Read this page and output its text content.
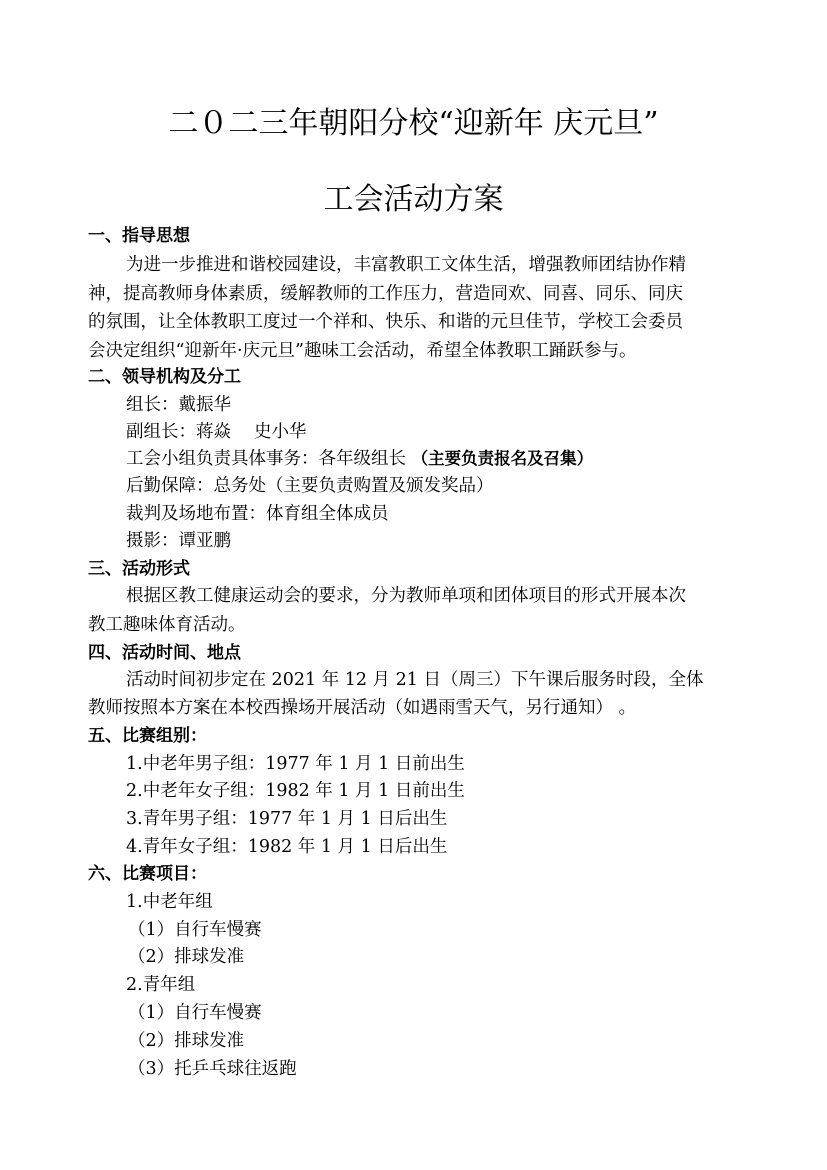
二０二三年朝阳分校“迎新年 庆元旦”
工会活动方案
一、指导思想
为进一步推进和谐校园建设，丰富教职工文体生活，增强教师团结协作精
神，提高教师身体素质，缓解教师的工作压力，营造同欢、同喜、同乐、同庆
的氛围，让全体教职工度过一个祥和、快乐、和谐的元旦佳节，学校工会委员
会决定组织“迎新年·庆元旦”趣味工会活动，希望全体教职工踊跃参与。
二、领导机构及分工
组长：戴振华
副组长：蒋焱　 史小华
工会小组负责具体事务：各年级组长 （主要负责报名及召集）
后勤保障：总务处（主要负责购置及颁发奖品）
裁判及场地布置：体育组全体成员
摄影：谭亚鹏
三、活动形式
根据区教工健康运动会的要求，分为教师单项和团体项目的形式开展本次
教工趣味体育活动。
四、活动时间、地点
活动时间初步定在 2021 年 12 月 21 日（周三）下午课后服务时段，全体
教师按照本方案在本校西操场开展活动（如遇雨雪天气，另行通知） 。
五、比赛组别：
1.中老年男子组：1977 年 1 月 1 日前出生
2.中老年女子组：1982 年 1 月 1 日前出生
3.青年男子组：1977 年 1 月 1 日后出生
4.青年女子组：1982 年 1 月 1 日后出生
六、比赛项目：
1.中老年组
（1）自行车慢赛
（2）排球发准
2.青年组
（1）自行车慢赛
（2）排球发准
（3）托乒乓球往返跑
